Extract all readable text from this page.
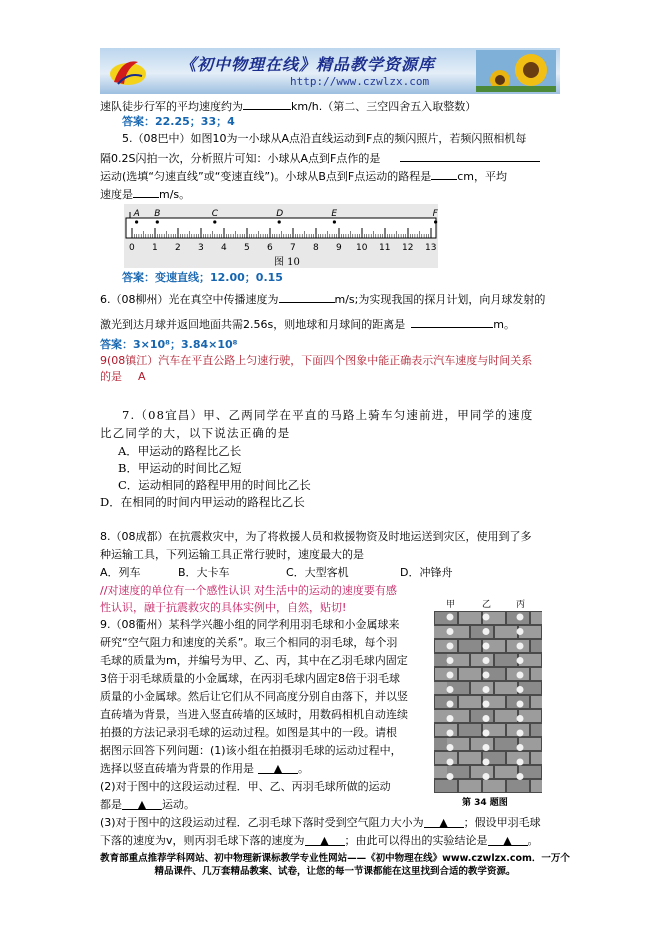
《初中物理在线》精品教学资源库
http://www.czwlzx.com
速队徒步行军的平均速度约为	km/h.（第二、三空四舍五入取整数）
答案：22.25；33；4
5.（08巴中）如图10为一小球从A点沿直线运动到F点的频闪照片，若频闪照相机每
隔0.2S闪拍一次，分析照片可知：小球从A点到F点作的是
运动(选填“匀速直线”或“变速直线”)。小球从B点到F点运动的路程是 cm，平均
速度是 m/s。
0 1 2 3 4 5 6 7 8 9 10 11 12 13
A B	C	D	E	F
图 10
答案：变速直线；12.00；0.15
6.（08柳州）光在真空中传播速度为	m/s;为实现我国的探月计划，向月球发射的
激光到达月球并返回地面共需2.56s，则地球和月球间的距离是	m。
答案：3×10⁸；3.84×10⁸
9(08镇江）汽车在平直公路上匀速行驶，下面四个图象中能正确表示汽车速度与时间关系
的是 A
7.（08宜昌）甲、乙两同学在平直的马路上骑车匀速前进，甲同学的速度
比乙同学的大，以下说法正确的是
A．甲运动的路程比乙长
B．甲运动的时间比乙短
C．运动相同的路程甲用的时间比乙长
D．在相同的时间内甲运动的路程比乙长
8.（08成都）在抗震救灾中，为了将救援人员和救援物资及时地运送到灾区，使用到了多
种运输工具，下列运输工具正常行驶时，速度最大的是
A．列车	B．大卡车	C．大型客机	D．冲锋舟
//对速度的单位有一个感性认识 对生活中的运动的速度要有感
性认识，融于抗震救灾的具体实例中，自然，贴切!
9.（08衢州）某科学兴趣小组的同学利用羽毛球和小金属球来
研究“空气阻力和速度的关系”。取三个相同的羽毛球，每个羽
毛球的质量为m，并编号为甲、乙、丙，其中在乙羽毛球内固定
3倍于羽毛球质量的小金属球，在丙羽毛球内固定8倍于羽毛球
质量的小金属球。然后让它们从不同高度分别自由落下，并以竖
直砖墙为背景，当进入竖直砖墙的区域时，用数码相机自动连续
拍摄的方法记录羽毛球的运动过程。如图是其中的一段。请根
据图示回答下列问题：(1)该小组在拍摄羽毛球的运动过程中，
选择以竖直砖墙为背景的作用是 ▲ 。
(2)对于图中的这段运动过程．甲、乙、丙羽毛球所做的运动
都是 ▲ 运动。
(3)对于图中的这段运动过程．乙羽毛球下落时受到空气阻力大小为 ▲ ；假设甲羽毛球
下落的速度为v，则丙羽毛球下落的速度为 ▲ ；由此可以得出的实验结论是 ▲ 。
甲	乙	丙
第 34 题图
教育部重点推荐学科网站、初中物理新课标教学专业性网站——《初中物理在线》www.czwlzx.com．一万个精品课件、几万套精品教案、试卷，让您的每一节课都能在这里找到合适的教学资源。
